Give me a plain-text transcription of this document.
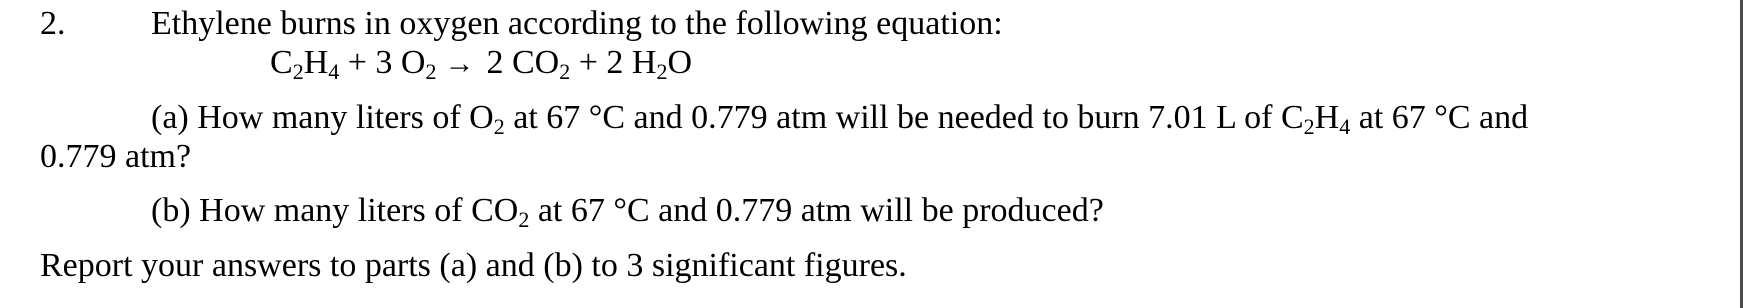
2.	Ethylene burns in oxygen according to the following equation:
$C_2H_4 + 3$ $O_2 \to 2$ $CO_2 + 2$ $H_2O$
(a) How many liters of $O_2$ at 67 °C and 0.779 atm will be needed to burn 7.01 L of $C_2H_4$ at 67 °C and
0.779 atm?
(b) How many liters of $CO_2$ at 67 °C and 0.779 atm will be produced?
Report your answers to parts (a) and (b) to 3 significant figures.
